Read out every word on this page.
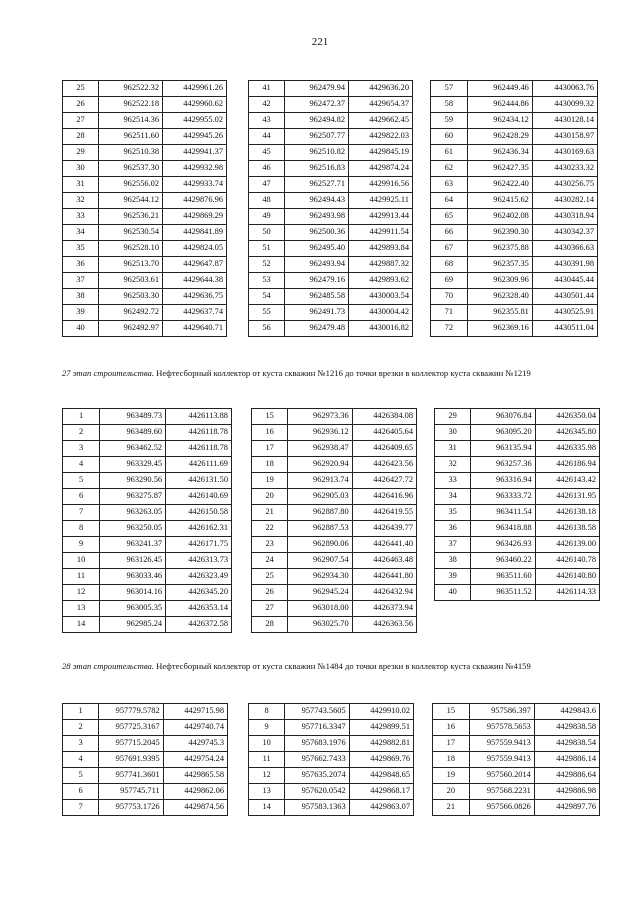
221
25	962522.32	4429961.26
26	962522.18	4429960.62
27	962514.36	4429955.02
28	962511.60	4429945.26
29	962510.38	4429941.37
30	962537.30	4429932.98
31	962556.02	4429933.74
32	962544.12	4429876.96
33	962536.21	4429869.29
34	962530.54	4429841.89
35	962528.10	4429824.05
36	962513.70	4429647.87
37	962503.61	4429644.38
38	962503.30	4429636.75
39	962492.72	4429637.74
40	962492.97	4429640.71
41	962479.94	4429636.20
42	962472.37	4429654.37
43	962494.82	4429662.45
44	962507.77	4429822.03
45	962510.82	4429845.19
46	962516.83	4429874.24
47	962527.71	4429916.56
48	962494.43	4429925.11
49	962493.98	4429913.44
50	962500.36	4429911.54
51	962495.40	4429893.84
52	962493.94	4429887.32
53	962479.16	4429893.62
54	962485.58	4430003.54
55	962491.73	4430004.42
56	962479.48	4430016.82
57	962449.46	4430063.76
58	962444.86	4430099.32
59	962434.12	4430128.14
60	962428.29	4430158.97
61	962436.34	4430169.63
62	962427.35	4430233.32
63	962422.40	4430256.75
64	962415.62	4430282.14
65	962402.08	4430318.94
66	962390.30	4430342.37
67	962375.88	4430366.63
68	962357.35	4430391.98
69	962309.96	4430445.44
70	962328.40	4430501.44
71	962355.81	4430525.91
72	962369.16	4430511.04
27 этап строительства. Нефтесборный коллектор от куста скважин №1216 до точки врезки в коллектор куста скважин №1219
1	963489.73	4426113.88
2	963489.60	4426118.78
3	963462.52	4426118.78
4	963329.45	4426111.69
5	963290.56	4426131.50
6	963275.87	4426140.69
7	963263.05	4426150.58
8	963250.05	4426162.31
9	963241.37	4426171.75
10	963126.45	4426313.73
11	963033.46	4426323.49
12	963014.16	4426345.20
13	963005.35	4426353.14
14	962985.24	4426372.58
15	962973.36	4426384.08
16	962936.12	4426405.64
17	962938.47	4426409.65
18	962920.94	4426423.56
19	962913.74	4426427.72
20	962905.03	4426416.96
21	962887.80	4426419.55
22	962887.53	4426439.77
23	962890.06	4426441.40
24	962907.54	4426463.48
25	962934.30	4426441.80
26	962945.24	4426432.94
27	963018.00	4426373.94
28	963025.70	4426363.56
29	963076.84	4426350.04
30	963095.20	4426345.80
31	963135.94	4426335.98
32	963257.36	4426186.94
33	963316.94	4426143.42
34	963333.72	4426131.95
35	963411.54	4426138.18
36	963418.88	4426138.58
37	963426.93	4426139.00
38	963460.22	4426140.78
39	963511.60	4426140.80
40	963511.52	4426114.33
28 этап строительства. Нефтесборный коллектор от куста скважин №1484 до точки врезки в коллектор куста скважин №4159
1	957779.5782	4429715.98
2	957725.3167	4429740.74
3	957715.2045	4429745.3
4	957691.9395	4429754.24
5	957741.3601	4429865.58
6	957745.711	4429862.06
7	957753.1726	4429874.56
8	957743.5605	4429910.02
9	957716.3347	4429899.51
10	957683.1976	4429882.81
11	957662.7433	4429869.76
12	957635.2074	4429848.65
13	957620.0542	4429868.17
14	957583.1363	4429863.07
15	957586.397	4429843.6
16	957578.5653	4429838.58
17	957559.9413	4429838.54
18	957559.9413	4429886.14
19	957560.2014	4429886.64
20	957568.2231	4429886.98
21	957566.0826	4429897.76
